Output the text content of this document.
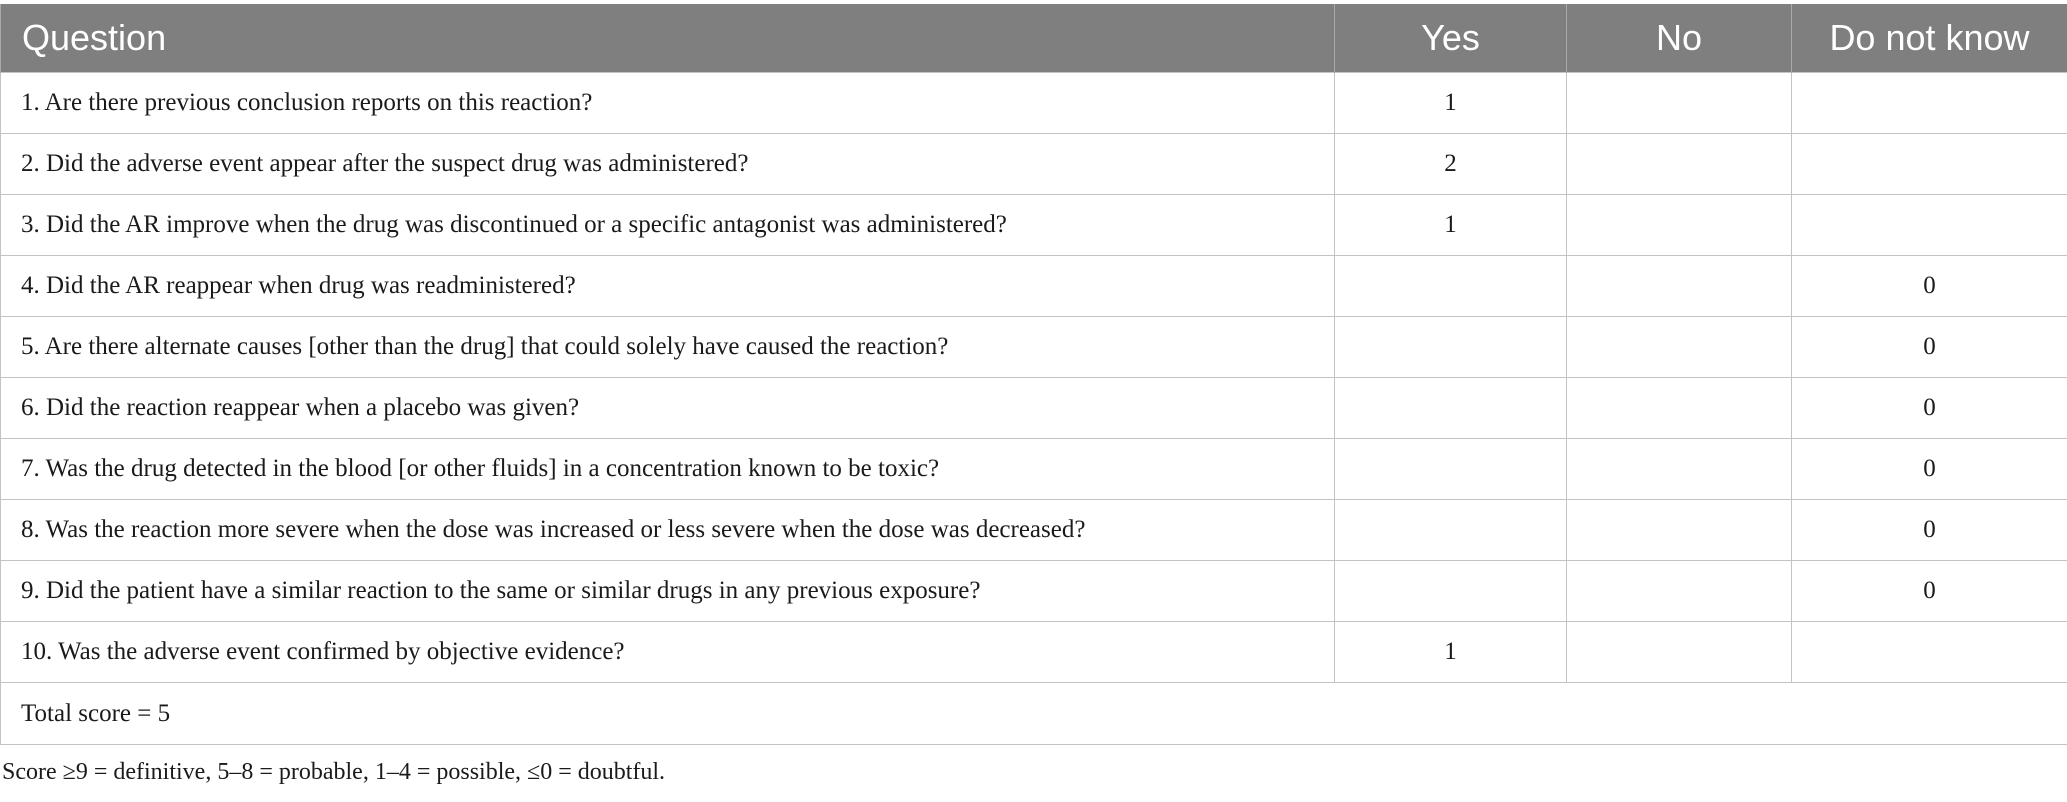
Question	Yes	No	Do not know
1. Are there previous conclusion reports on this reaction?	1		
2. Did the adverse event appear after the suspect drug was administered?	2		
3. Did the AR improve when the drug was discontinued or a specific antagonist was administered?	1		
4. Did the AR reappear when drug was readministered?			0
5. Are there alternate causes [other than the drug] that could solely have caused the reaction?			0
6. Did the reaction reappear when a placebo was given?			0
7. Was the drug detected in the blood [or other fluids] in a concentration known to be toxic?			0
8. Was the reaction more severe when the dose was increased or less severe when the dose was decreased?			0
9. Did the patient have a similar reaction to the same or similar drugs in any previous exposure?			0
10. Was the adverse event confirmed by objective evidence?	1		
Total score = 5			
Score ≥9 = definitive, 5–8 = probable, 1–4 = possible, ≤0 = doubtful.
